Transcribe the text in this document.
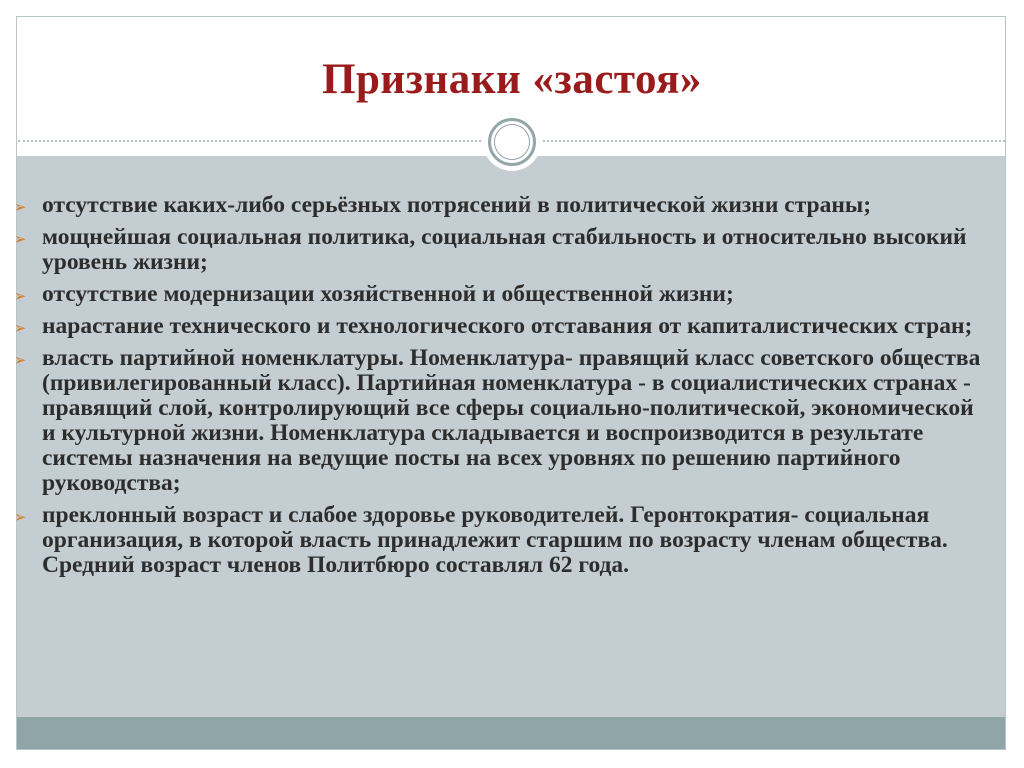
Признаки «застоя»
➢ отсутствие каких-либо серьёзных потрясений в политической жизни страны;
➢ мощнейшая социальная политика, социальная стабильность и относительно высокий уровень жизни;
➢ отсутствие модернизации хозяйственной и общественной жизни;
➢ нарастание технического и технологического отставания от капиталистических стран;
➢ власть партийной номенклатуры. Номенклатура- правящий класс советского общества (привилегированный класс). Партийная номенклатура - в социалистических странах - правящий слой, контролирующий все сферы социально-политической, экономической и культурной жизни. Номенклатура складывается и воспроизводится в результате системы назначения на ведущие посты на всех уровнях по решению партийного руководства;
➢ преклонный возраст и слабое здоровье руководителей. Геронтократия- социальная организация, в которой власть принадлежит старшим по возрасту членам общества.
Средний возраст членов Политбюро составлял 62 года.
